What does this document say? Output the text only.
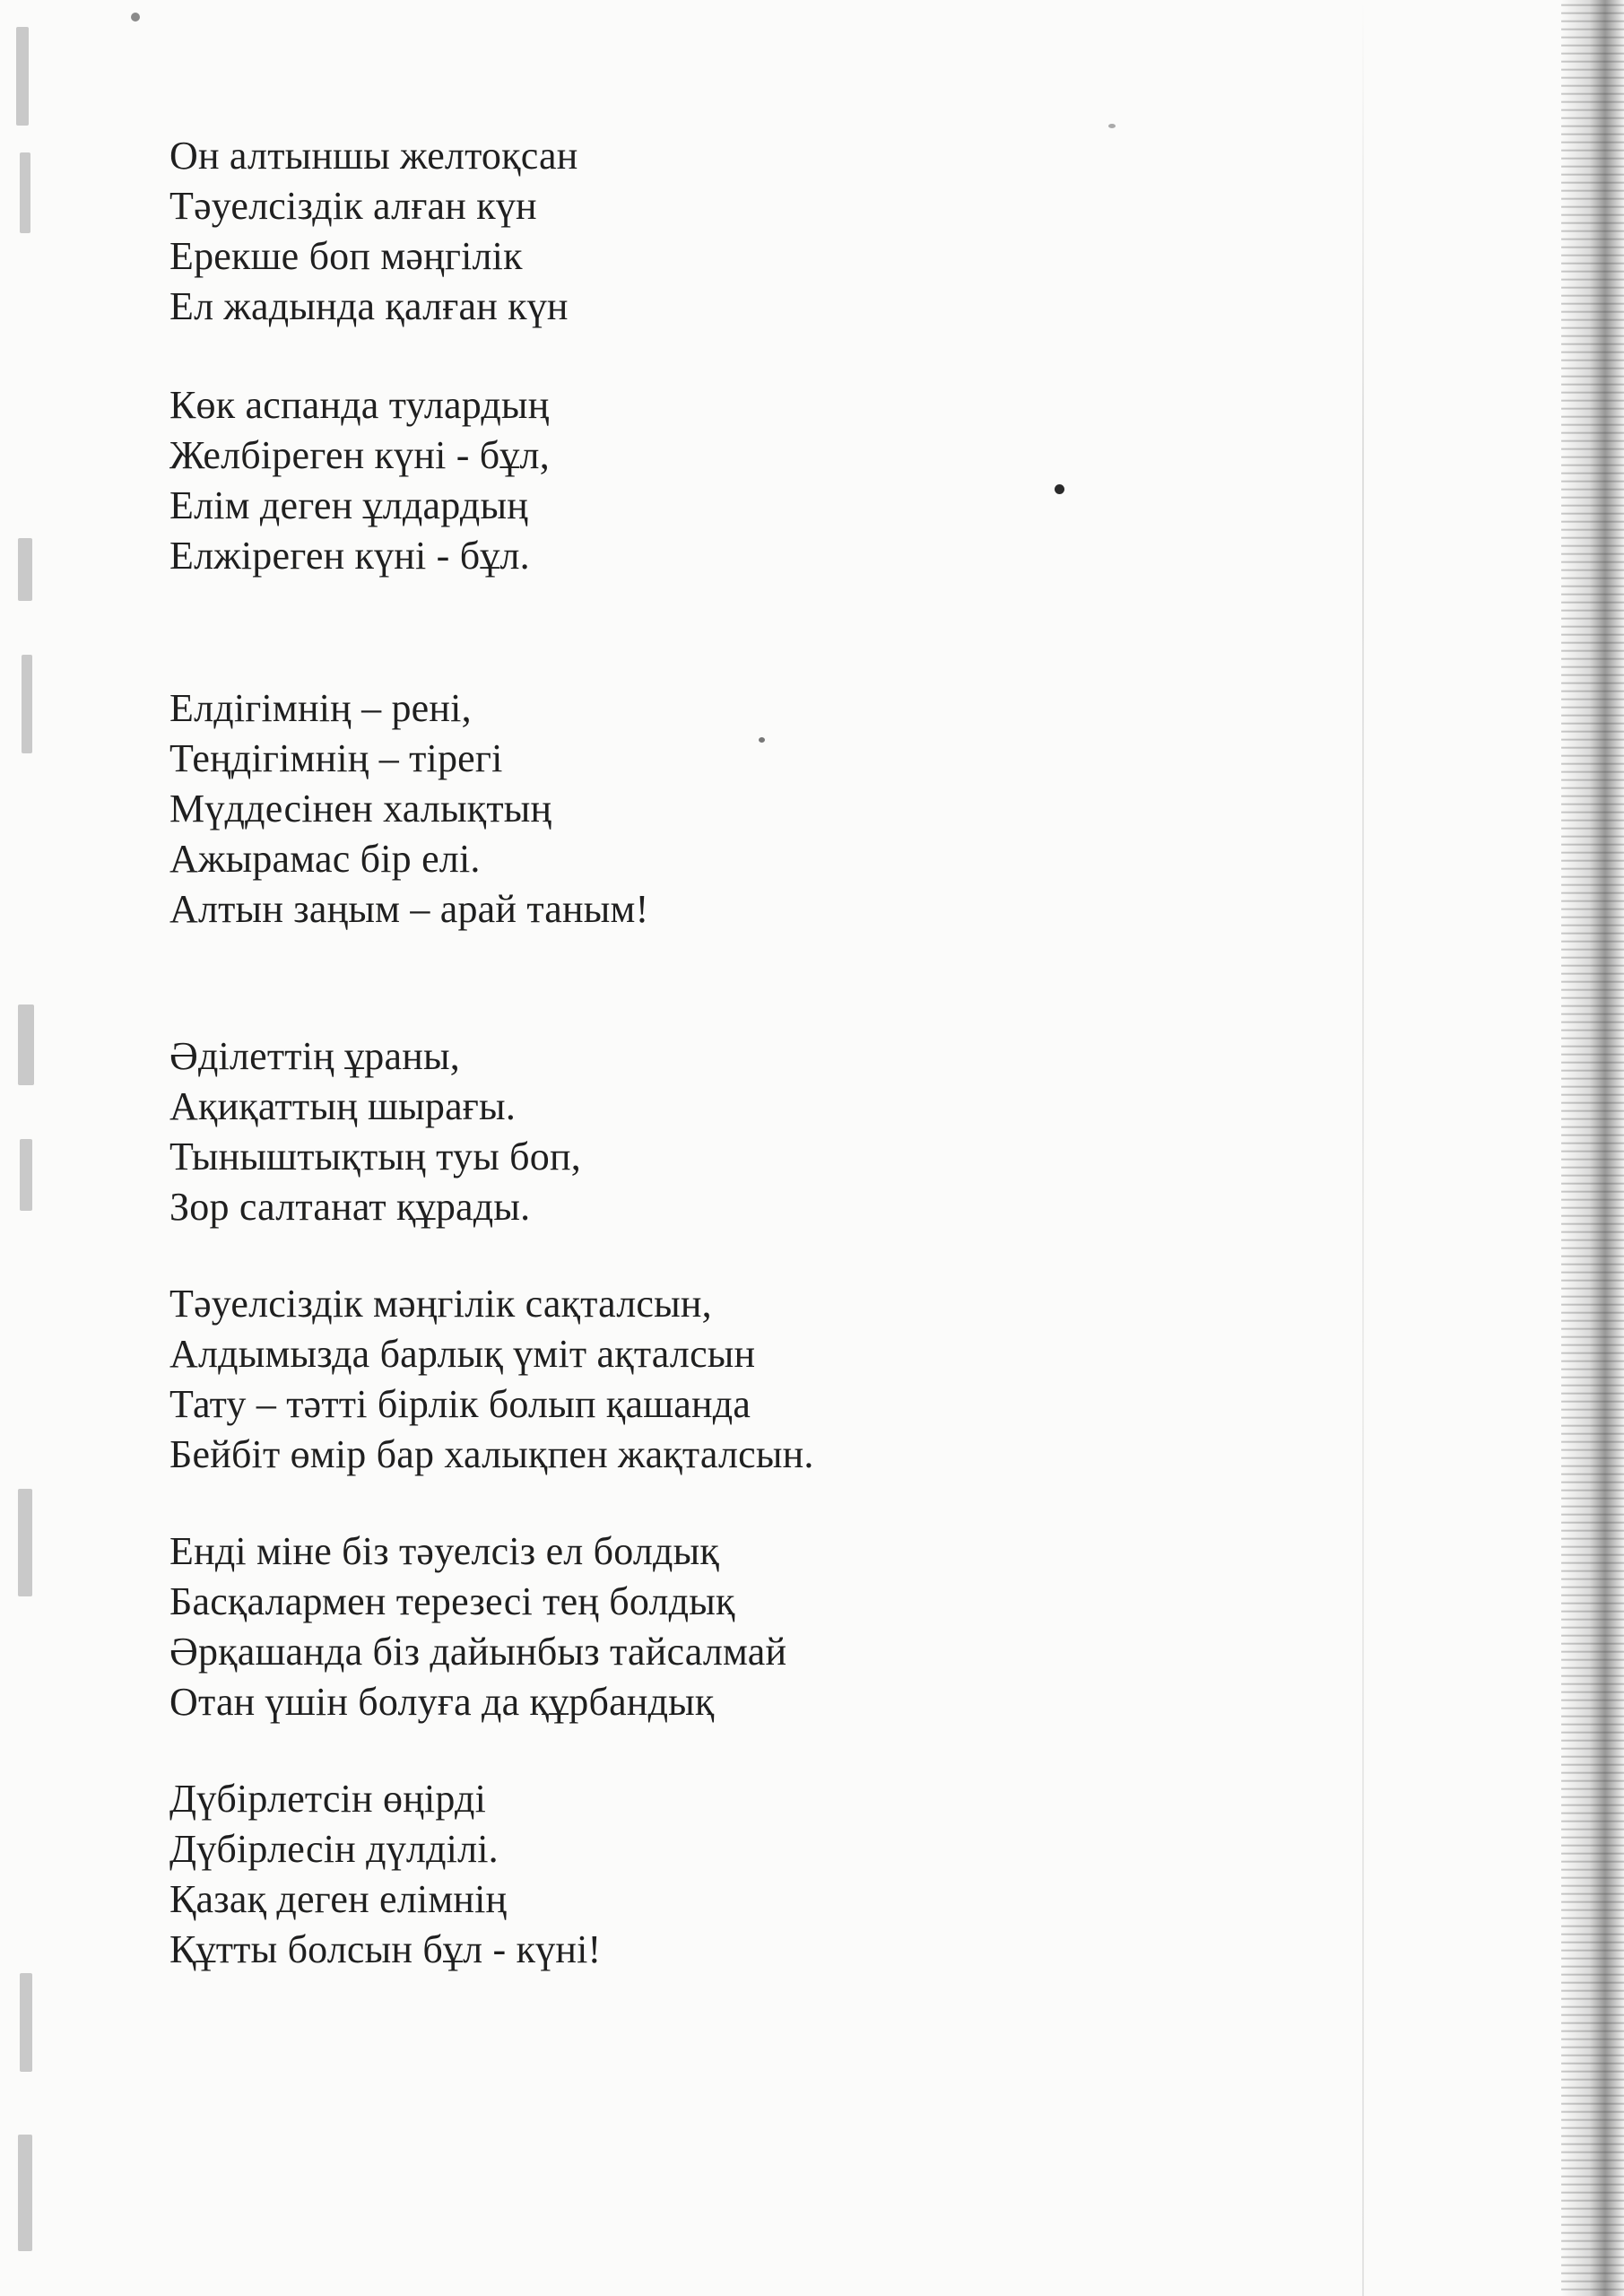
Он алтыншы желтоқсан
Тәуелсіздік алған күн
Ерекше боп мәңгілік
Ел жадында қалған күн
Көк аспанда тулардың
Желбіреген күні - бұл,
Елім деген ұлдардың
Елжіреген күні - бұл.
Елдігімнің – рені,
Теңдігімнің – тірегі
Мүддесінен халықтың
Ажырамас бір елі.
Алтын заңым – арай таным!
Әділеттің ұраны,
Ақиқаттың шырағы.
Тыныштықтың туы боп,
Зор салтанат құрады.
Тәуелсіздік мәңгілік сақталсын,
Алдымызда барлық үміт ақталсын
Тату – тәтті бірлік болып қашанда
Бейбіт өмір бар халықпен жақталсын.
Енді міне біз тәуелсіз ел болдық
Басқалармен терезесі тең болдық
Әрқашанда біз дайынбыз тайсалмай
Отан үшін болуға да құрбандық
Дүбірлетсін өңірді
Дүбірлесін дүлділі.
Қазақ деген елімнің
Құтты болсын бұл - күні!
